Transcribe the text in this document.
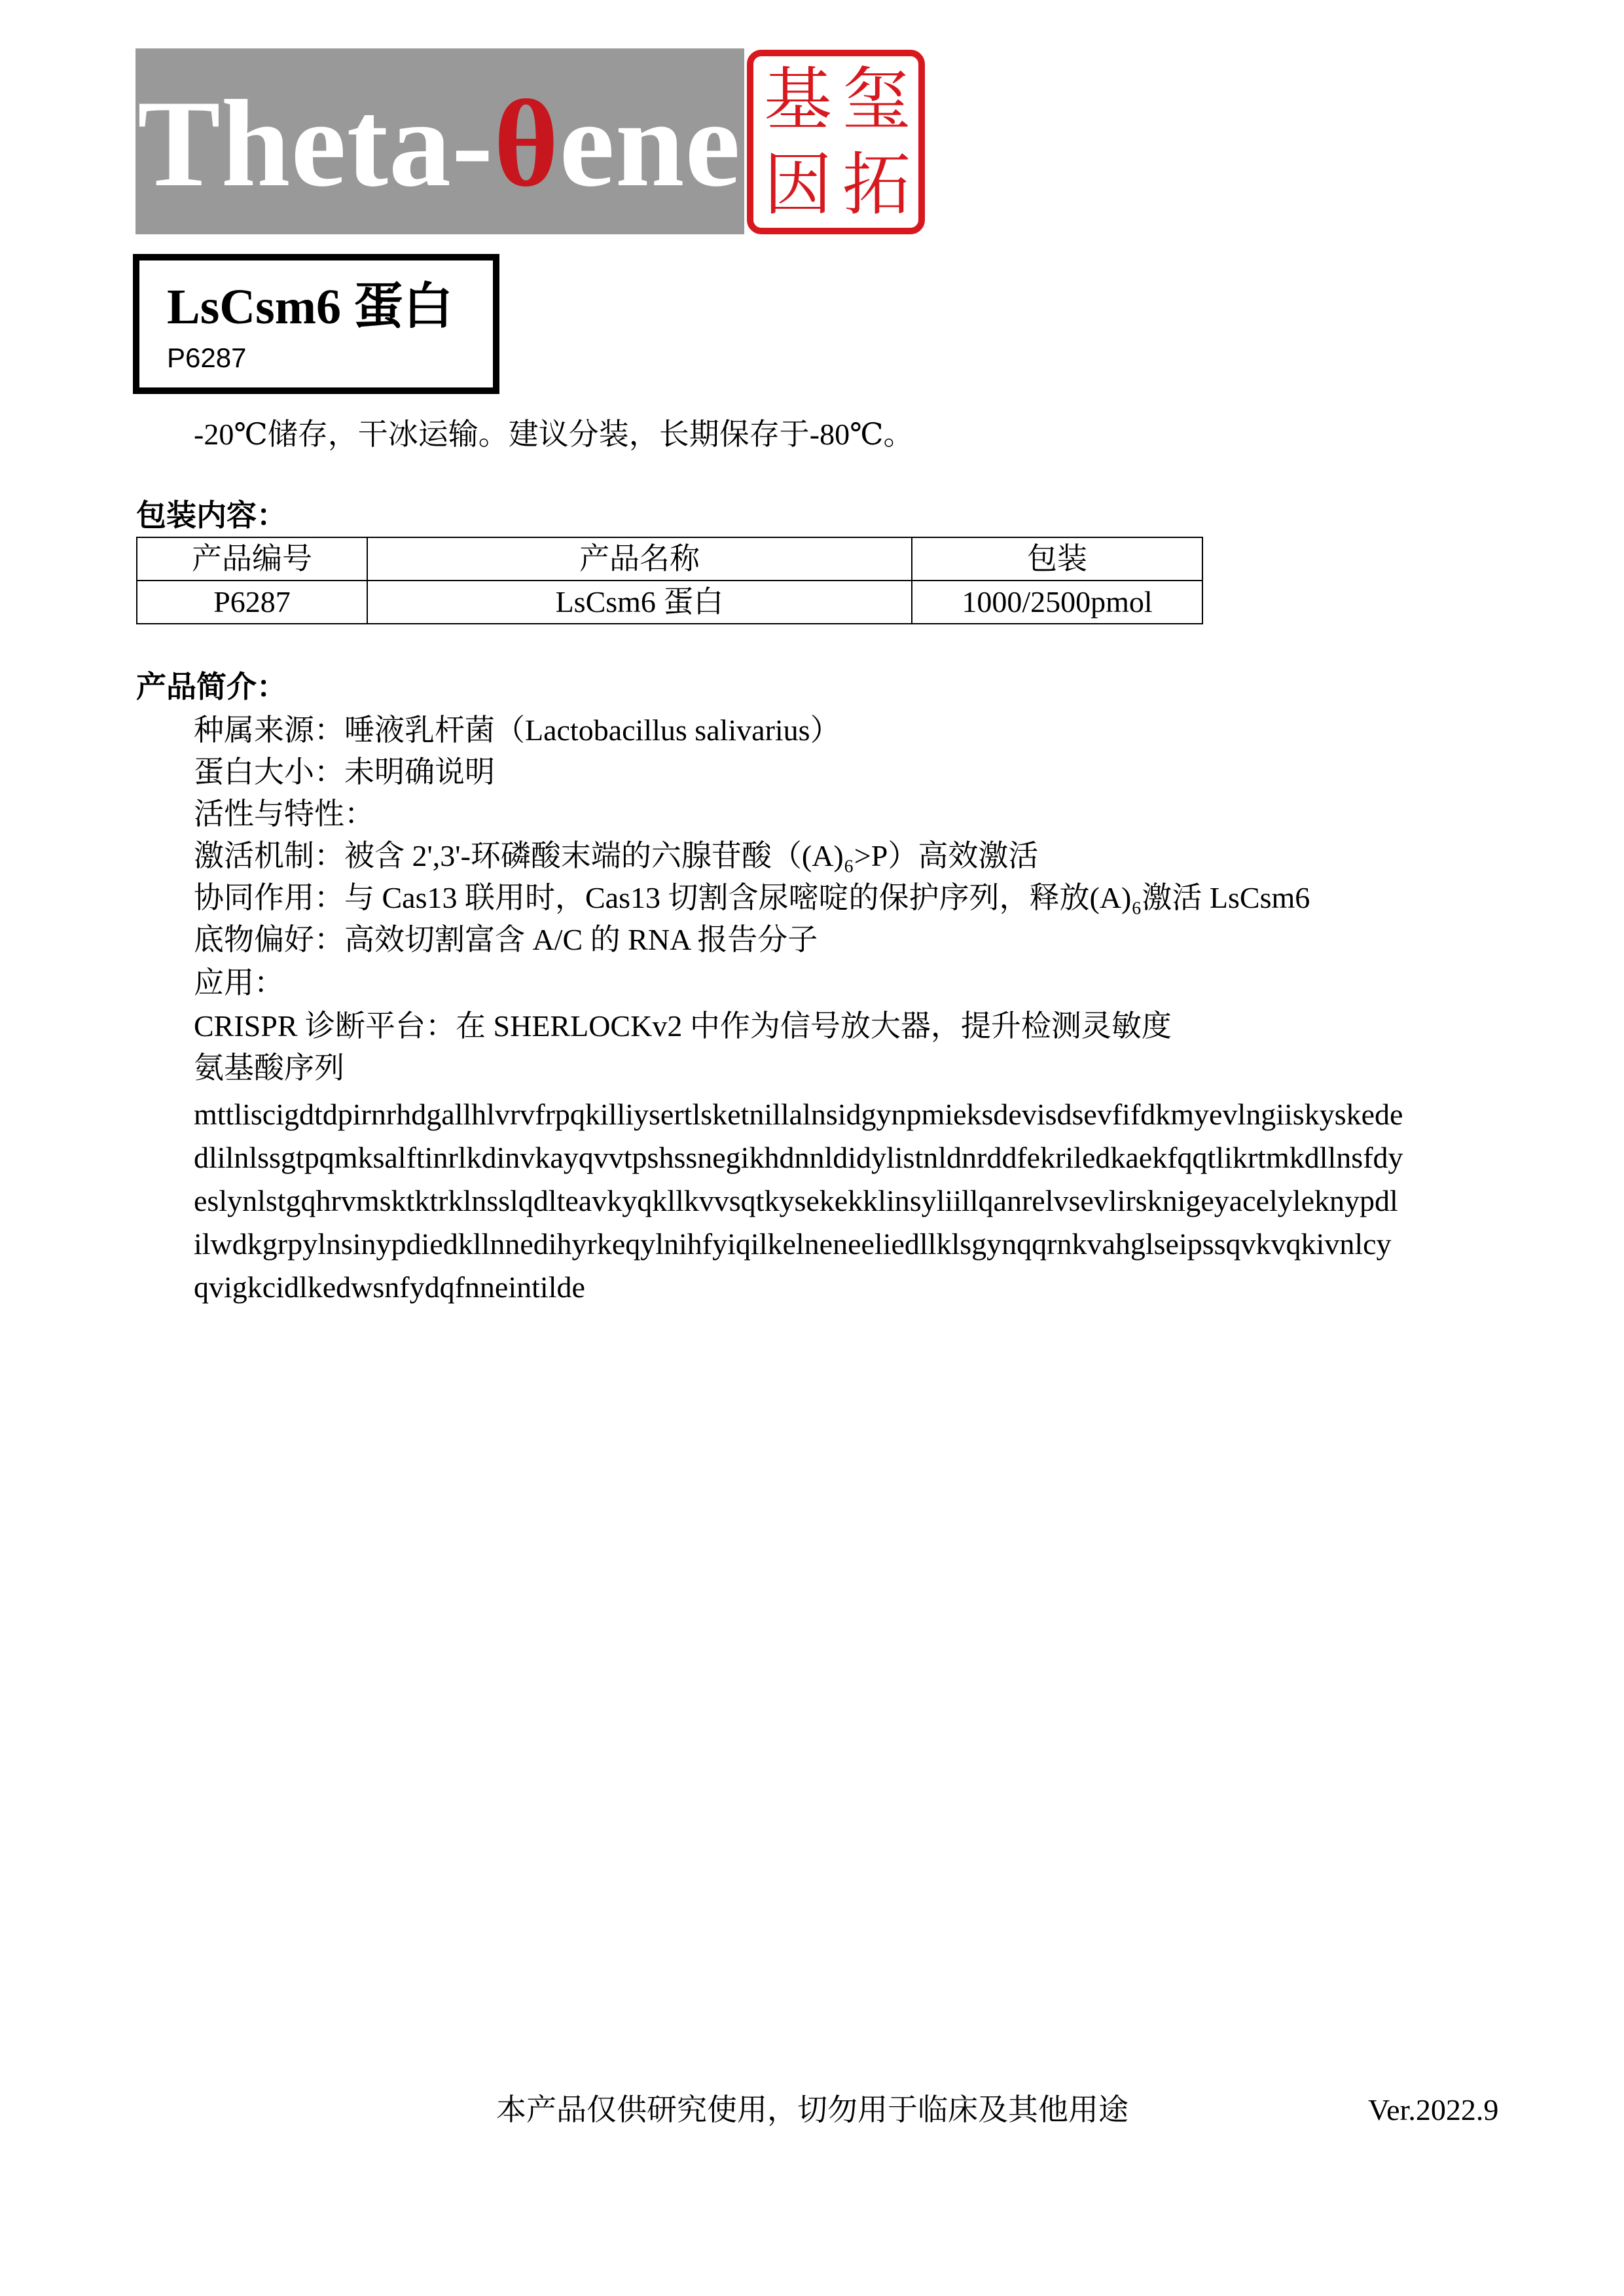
Theta-θene 基 玺
因 拓
LsCsm6 蛋白
P6287
-20℃储存，干冰运输。建议分装，长期保存于-80℃。
包装内容：
产品编号	产品名称	包装
P6287	LsCsm6 蛋白	1000/2500pmol
产品简介：
种属来源：唾液乳杆菌（Lactobacillus salivarius）
蛋白大小：未明确说明
活性与特性：
激活机制：被含 2',3'-环磷酸末端的六腺苷酸（(A)₆>P）高效激活
协同作用：与 Cas13 联用时，Cas13 切割含尿嘧啶的保护序列，释放(A)₆激活 LsCsm6
底物偏好：高效切割富含 A/C 的 RNA 报告分子
应用：
CRISPR 诊断平台：在 SHERLOCKv2 中作为信号放大器，提升检测灵敏度
氨基酸序列
mttliscigdtdpirnrhdgallhlvrvfrpqkilliysertlsketnillalnsidgynpmieksdevisdsevfifdkmyevlngiiskyskede
dlilnlssgtpqmksalftinrlkdinvkayqvvtpshssnegikhdnnldidylistnldnrddfekriledkaekfqqtlikrtmkdllnsfdy
eslynlstgqhrvmsktktrklnsslqdlteavkyqkllkvvsqtkysekekklinsyliillqanrelvsevlirsknigeyacelyleknypdl
ilwdkgrpylnsinypdiedkllnnedihyrkeqylnihfyiqilkelneneeliedllklsgynqqrnkvahglseipssqvkvqkivnlcy
qvigkcidlkedwsnfydqfnneintilde
本产品仅供研究使用，切勿用于临床及其他用途	Ver.2022.9
